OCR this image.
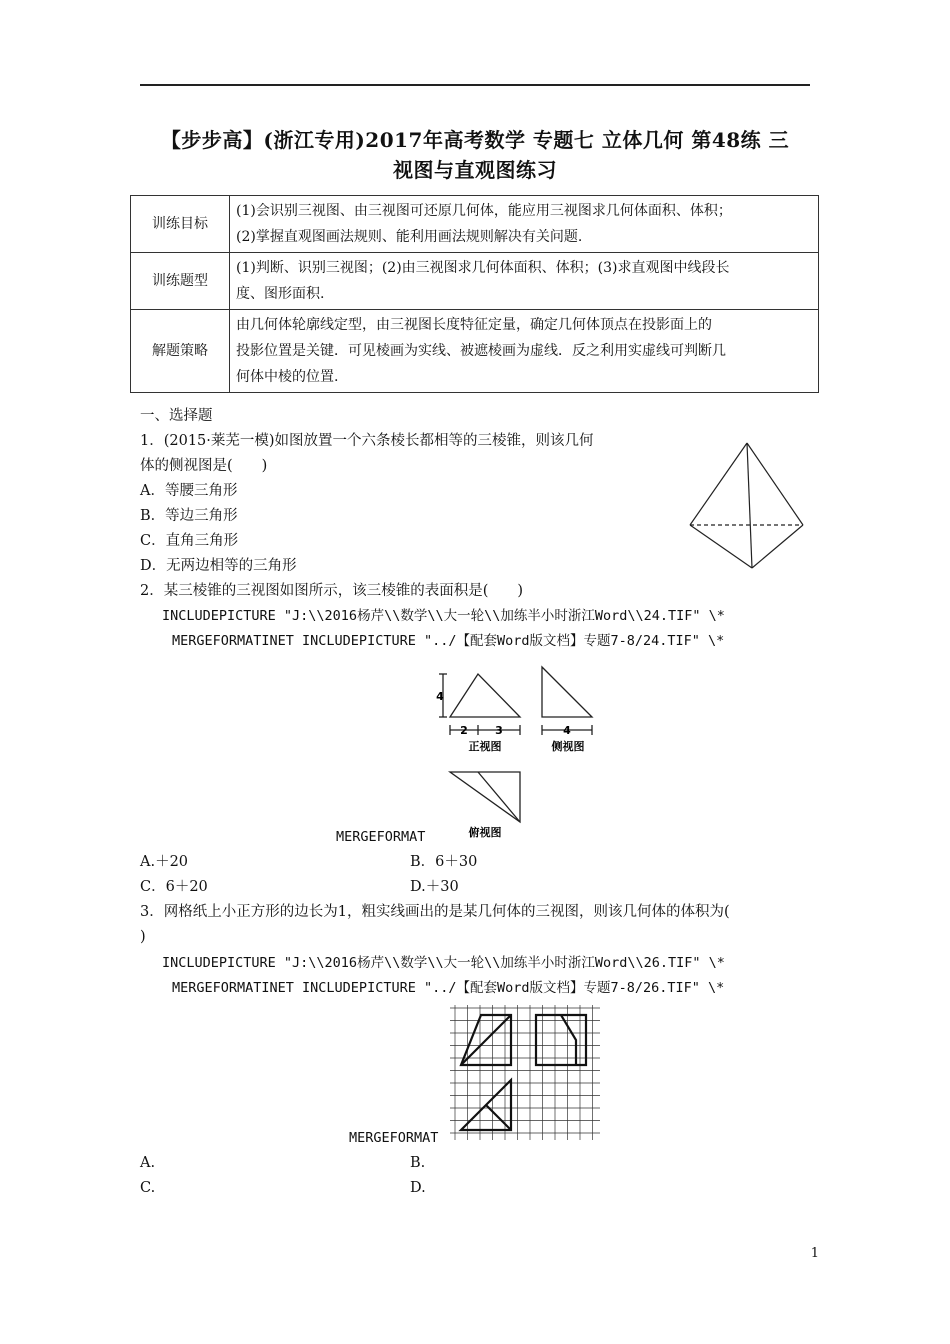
【步步高】(浙江专用)2017年高考数学 专题七 立体几何 第48练 三
视图与直观图练习
训练目标	(1)会识别三视图、由三视图可还原几何体，能应用三视图求几何体面积、体积；
(2)掌握直观图画法规则、能利用画法规则解决有关问题.

训练题型	(1)判断、识别三视图；(2)由三视图求几何体面积、体积；(3)求直观图中线段长
度、图形面积.

解题策略	由几何体轮廓线定型，由三视图长度特征定量，确定几何体顶点在投影面上的
投影位置是关键．可见棱画为实线、被遮棱画为虚线．反之利用实虚线可判断几
何体中棱的位置.
一、选择题
1．(2015·莱芜一模)如图放置一个六条棱长都相等的三棱锥，则该几何
体的侧视图是(　　)
A．等腰三角形
B．等边三角形
C．直角三角形
D．无两边相等的三角形
2．某三棱锥的三视图如图所示，该三棱锥的表面积是(　　)
INCLUDEPICTURE "J:\\2016杨芹\\数学\\大一轮\\加练半小时浙江Word\\24.TIF" \*
MERGEFORMATINET INCLUDEPICTURE "../【配套Word版文档】专题7-8/24.TIF" \*
4
2 3	4
正视图	侧视图
俯视图
MERGEFORMAT
A.＋20	B．6＋30
C．6＋20	D.＋30
3．网格纸上小正方形的边长为1，粗实线画出的是某几何体的三视图，则该几何体的体积为(
)
INCLUDEPICTURE "J:\\2016杨芹\\数学\\大一轮\\加练半小时浙江Word\\26.TIF" \*
MERGEFORMATINET INCLUDEPICTURE "../【配套Word版文档】专题7-8/26.TIF" \*
MERGEFORMAT
A.	B.
C.	D.
1
